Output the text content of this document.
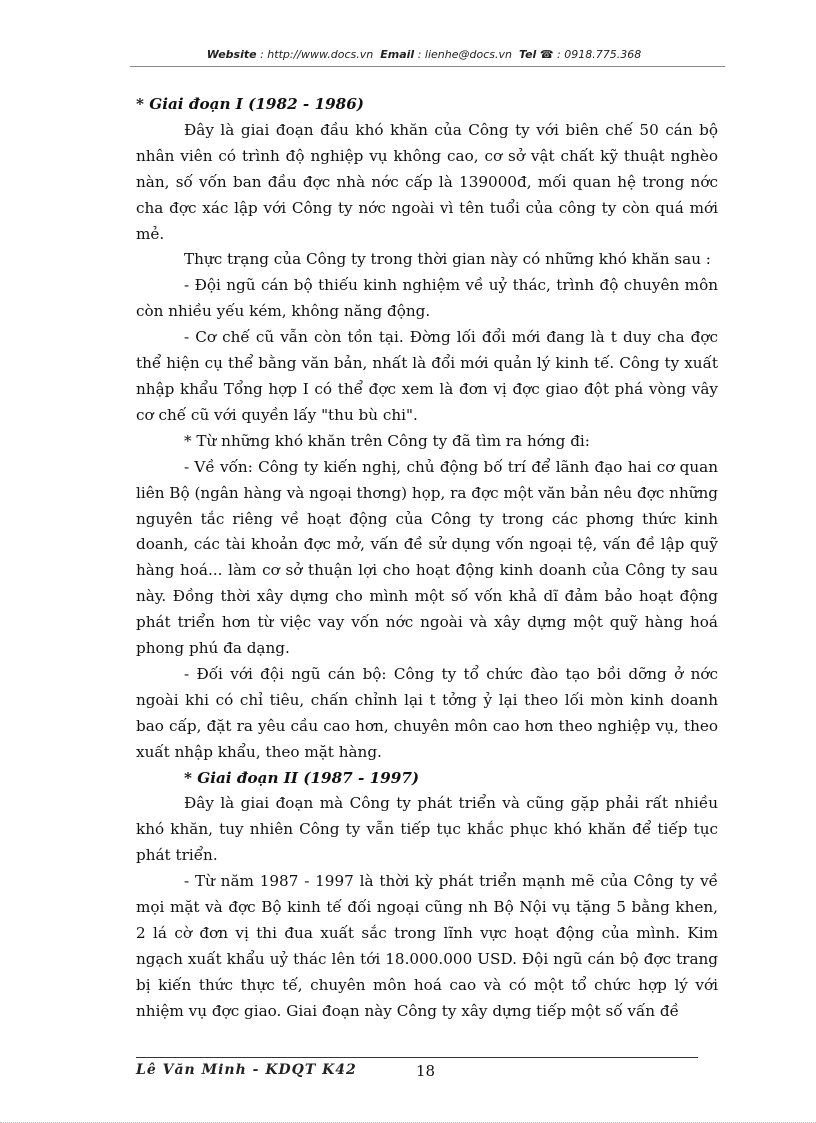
Website : http://www.docs.vn Email : lienhe@docs.vn Tel ☎ : 0918.775.368

* Giai đoạn I (1982 - 1986)

Đây là giai đoạn đầu khó khăn của Công ty với biên chế 50 cán bộ nhân viên có trình độ nghiệp vụ không cao, cơ sở vật chất kỹ thuật nghèo nàn, số vốn ban đầu đợc nhà nớc cấp là 139000đ, mối quan hệ trong nớc cha đợc xác lập với Công ty nớc ngoài vì tên tuổi của công ty còn quá mới mẻ.

Thực trạng của Công ty trong thời gian này có những khó khăn sau :

- Đội ngũ cán bộ thiếu kinh nghiệm về uỷ thác, trình độ chuyên môn còn nhiều yếu kém, không năng động.

- Cơ chế cũ vẫn còn tồn tại. Đờng lối đổi mới đang là t duy cha đợc thể hiện cụ thể bằng văn bản, nhất là đổi mới quản lý kinh tế. Công ty xuất nhập khẩu Tổng hợp I có thể đợc xem là đơn vị đợc giao đột phá vòng vây cơ chế cũ với quyền lấy "thu bù chi".

* Từ những khó khăn trên Công ty đã tìm ra hớng đi:

- Về vốn: Công ty kiến nghị, chủ động bố trí để lãnh đạo hai cơ quan liên Bộ (ngân hàng và ngoại thơng) họp, ra đợc một văn bản nêu đợc những nguyên tắc riêng về hoạt động của Công ty trong các phơng thức kinh doanh, các tài khoản đợc mở, vấn đề sử dụng vốn ngoại tệ, vấn đề lập quỹ hàng hoá... làm cơ sở thuận lợi cho hoạt động kinh doanh của Công ty sau này. Đồng thời xây dựng cho mình một số vốn khả dĩ đảm bảo hoạt động phát triển hơn từ việc vay vốn nớc ngoài và xây dựng một quỹ hàng hoá phong phú đa dạng.

- Đối với đội ngũ cán bộ: Công ty tổ chức đào tạo bồi dỡng ở nớc ngoài khi có chỉ tiêu, chấn chỉnh lại t tởng ỷ lại theo lối mòn kinh doanh bao cấp, đặt ra yêu cầu cao hơn, chuyên môn cao hơn theo nghiệp vụ, theo xuất nhập khẩu, theo mặt hàng.

* Giai đoạn II (1987 - 1997)

Đây là giai đoạn mà Công ty phát triển và cũng gặp phải rất nhiều khó khăn, tuy nhiên Công ty vẫn tiếp tục khắc phục khó khăn để tiếp tục phát triển.

- Từ năm 1987 - 1997 là thời kỳ phát triển mạnh mẽ của Công ty về mọi mặt và đợc Bộ kinh tế đối ngoại cũng nh Bộ Nội vụ tặng 5 bằng khen, 2 lá cờ đơn vị thi đua xuất sắc trong lĩnh vực hoạt động của mình. Kim ngạch xuất khẩu uỷ thác lên tới 18.000.000 USD. Đội ngũ cán bộ đợc trang bị kiến thức thực tế, chuyên môn hoá cao và có một tổ chức hợp lý với nhiệm vụ đợc giao. Giai đoạn này Công ty xây dựng tiếp một số vấn đề

Lê Văn Minh - KDQT K42	18
